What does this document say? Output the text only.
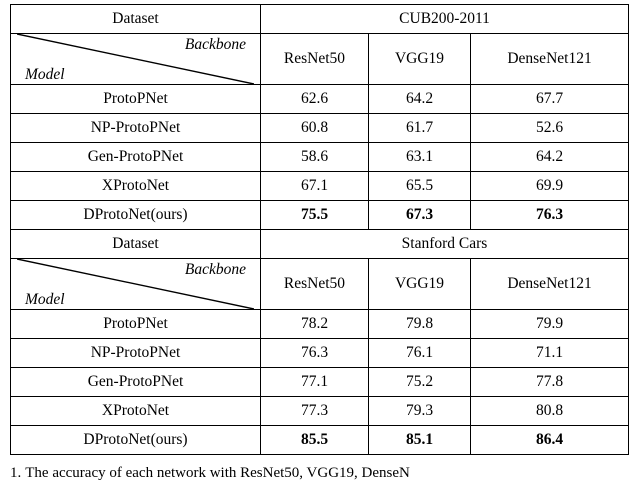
Dataset	CUB200-2011		

Backbone
Model	ResNet50	VGG19	DenseNet121
ProtoPNet	62.6	64.2	67.7
NP-ProtoPNet	60.8	61.7	52.6
Gen-ProtoPNet	58.6	63.1	64.2
XProtoNet	67.1	65.5	69.9
DProtoNet(ours)	75.5	67.3	76.3
Dataset	Stanford Cars		

Backbone
Model	ResNet50	VGG19	DenseNet121
ProtoPNet	78.2	79.8	79.9
NP-ProtoPNet	76.3	76.1	71.1
Gen-ProtoPNet	77.1	75.2	77.8
XProtoNet	77.3	79.3	80.8
DProtoNet(ours)	85.5	85.1	86.4
1. The accuracy of each network with ResNet50, VGG19, DenseN
